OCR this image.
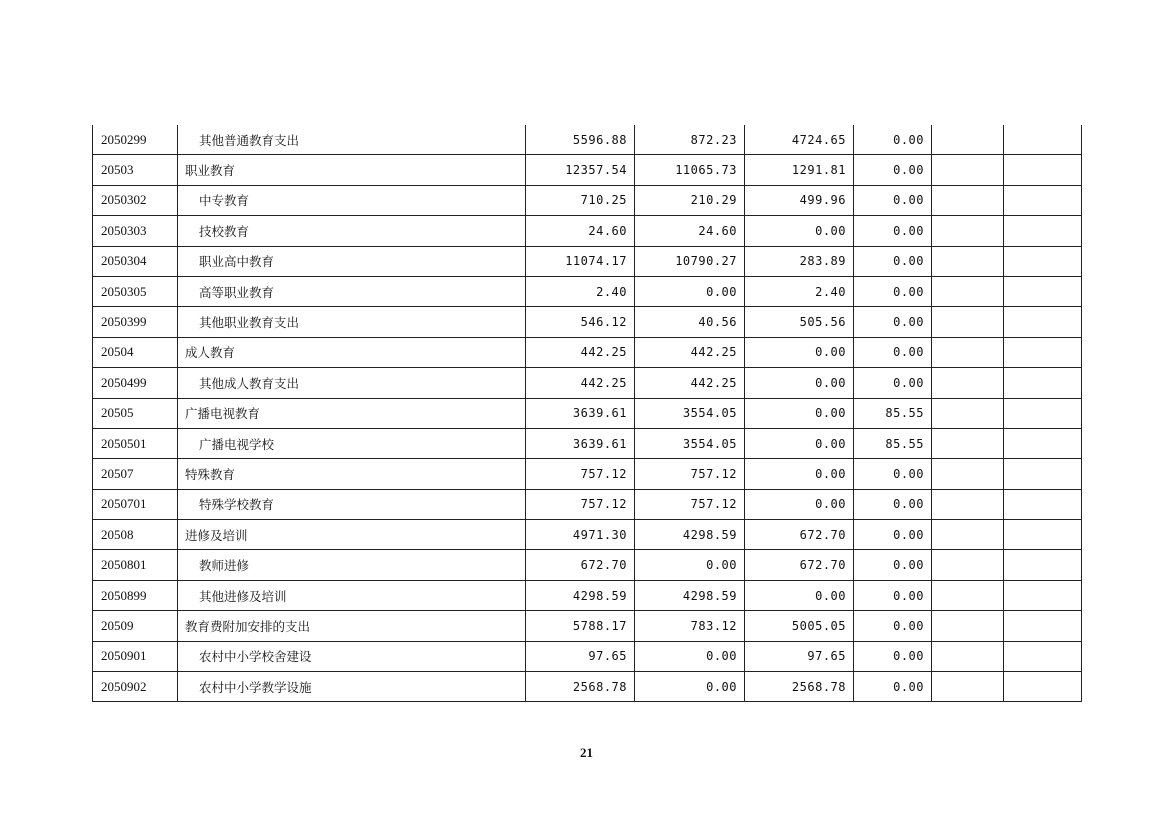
2050299	其他普通教育支出	5596.88	872.23	4724.65	0.00		
20503	职业教育	12357.54	11065.73	1291.81	0.00		
2050302	中专教育	710.25	210.29	499.96	0.00		
2050303	技校教育	24.60	24.60	0.00	0.00		
2050304	职业高中教育	11074.17	10790.27	283.89	0.00		
2050305	高等职业教育	2.40	0.00	2.40	0.00		
2050399	其他职业教育支出	546.12	40.56	505.56	0.00		
20504	成人教育	442.25	442.25	0.00	0.00		
2050499	其他成人教育支出	442.25	442.25	0.00	0.00		
20505	广播电视教育	3639.61	3554.05	0.00	85.55		
2050501	广播电视学校	3639.61	3554.05	0.00	85.55		
20507	特殊教育	757.12	757.12	0.00	0.00		
2050701	特殊学校教育	757.12	757.12	0.00	0.00		
20508	进修及培训	4971.30	4298.59	672.70	0.00		
2050801	教师进修	672.70	0.00	672.70	0.00		
2050899	其他进修及培训	4298.59	4298.59	0.00	0.00		
20509	教育费附加安排的支出	5788.17	783.12	5005.05	0.00		
2050901	农村中小学校舍建设	97.65	0.00	97.65	0.00		
2050902	农村中小学教学设施	2568.78	0.00	2568.78	0.00		
21
